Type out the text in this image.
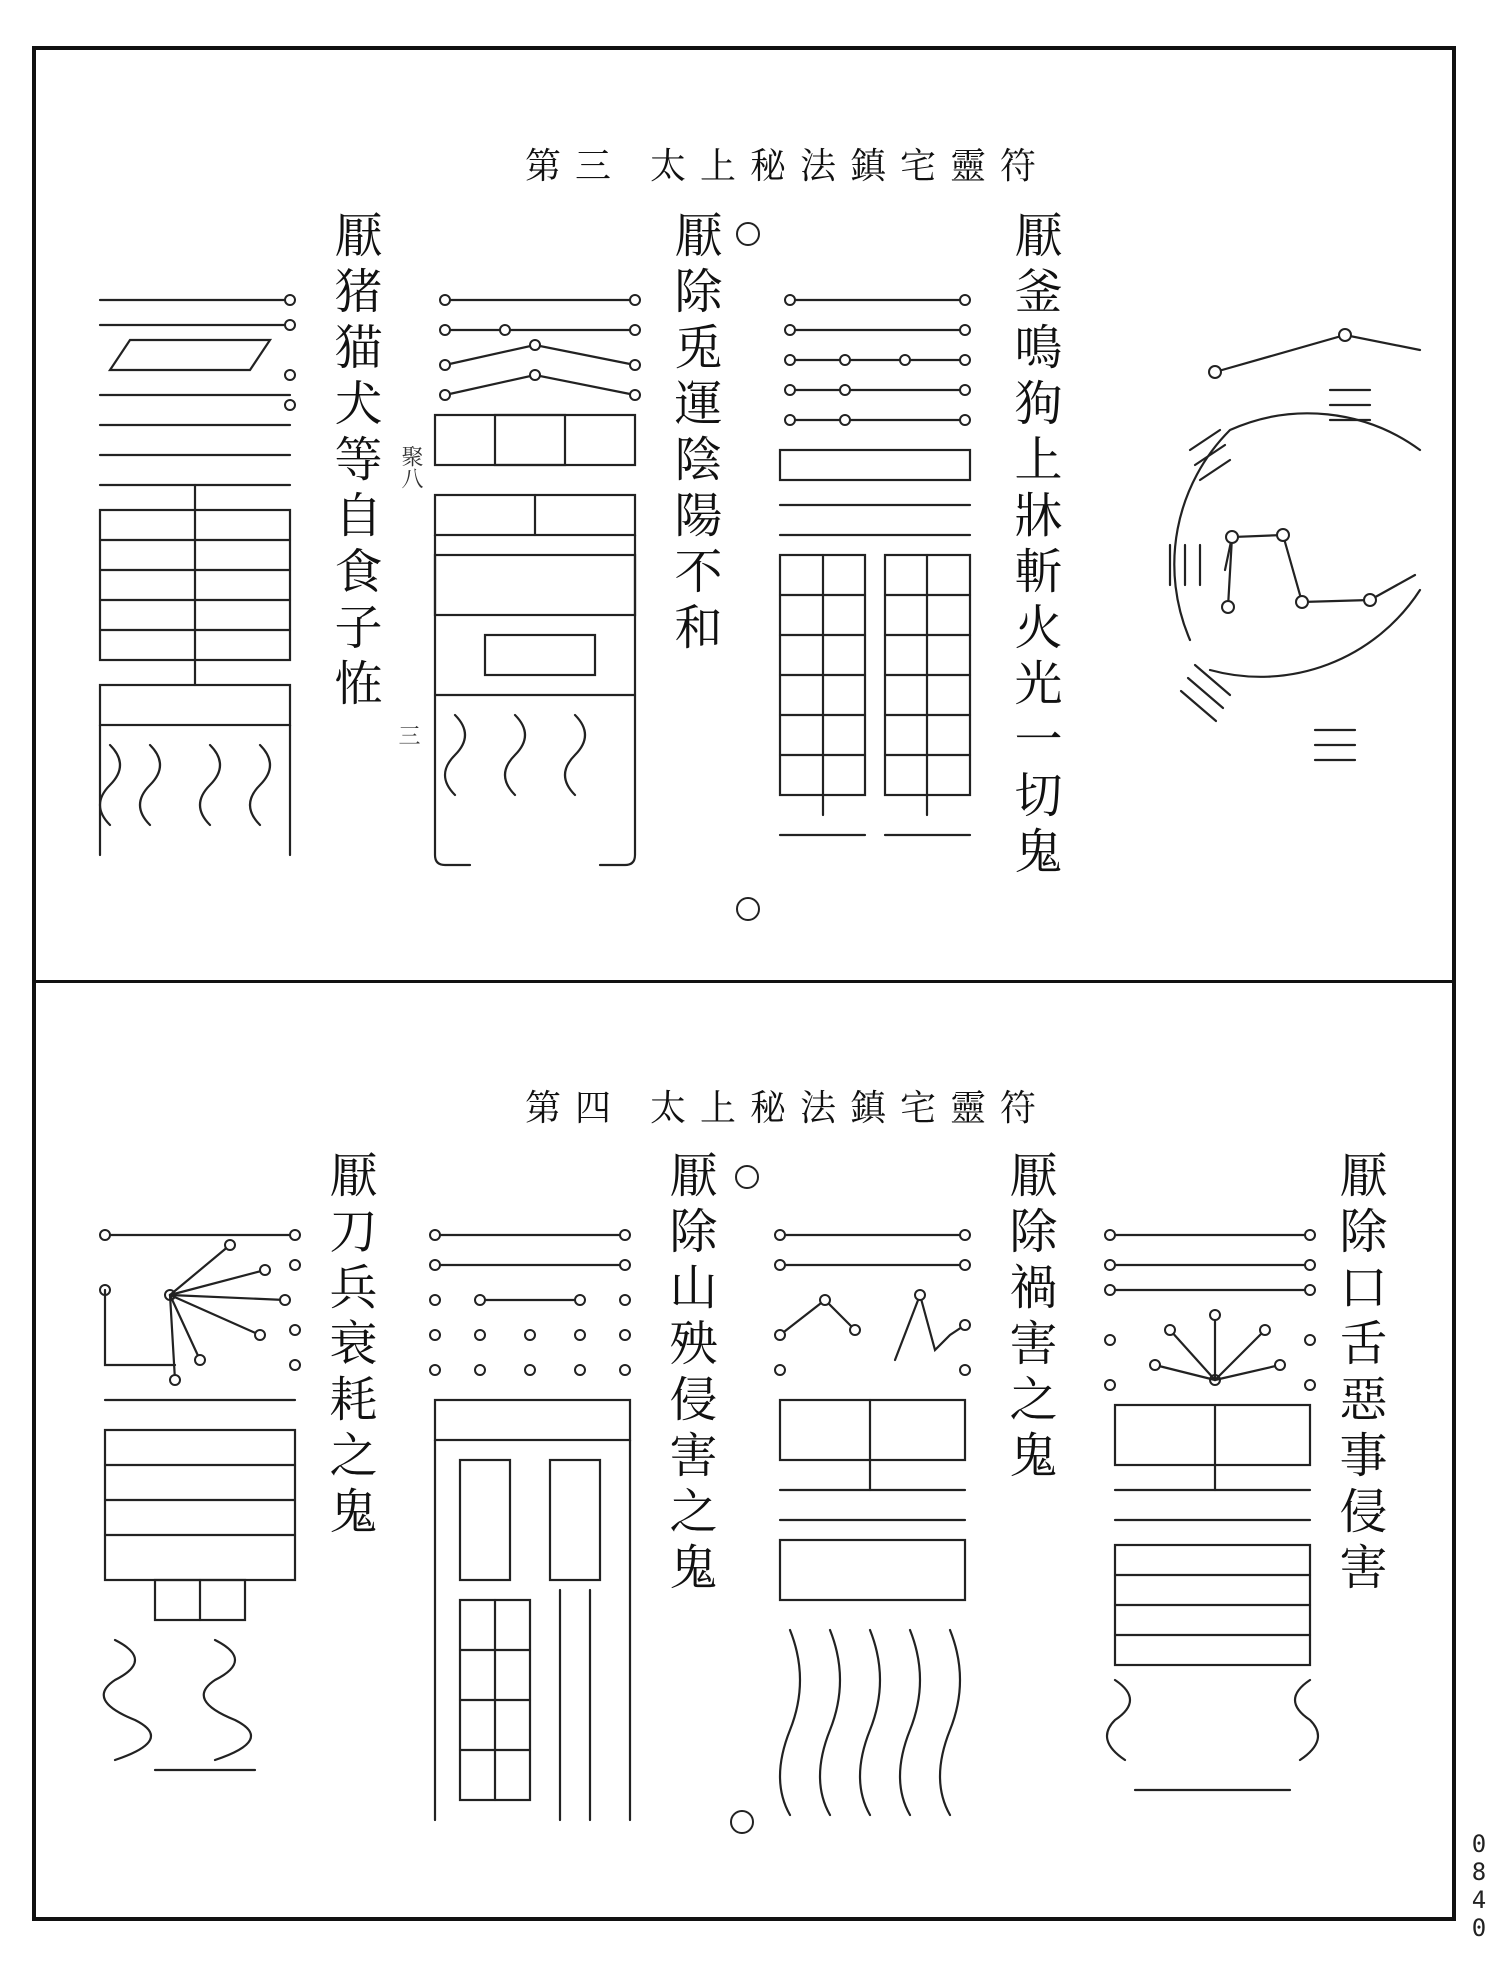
太上秘法鎮宅靈符
第三
厭釜鳴狗上牀斬火光一切鬼
厭除兎運陰陽不和
厭猪猫犬等自食子恠 聚八
三
太上秘法鎮宅靈符
第四
厭除口舌惡事侵害
厭除禍害之鬼
厭除山殃侵害之鬼
厭刀兵衰耗之鬼
0840
